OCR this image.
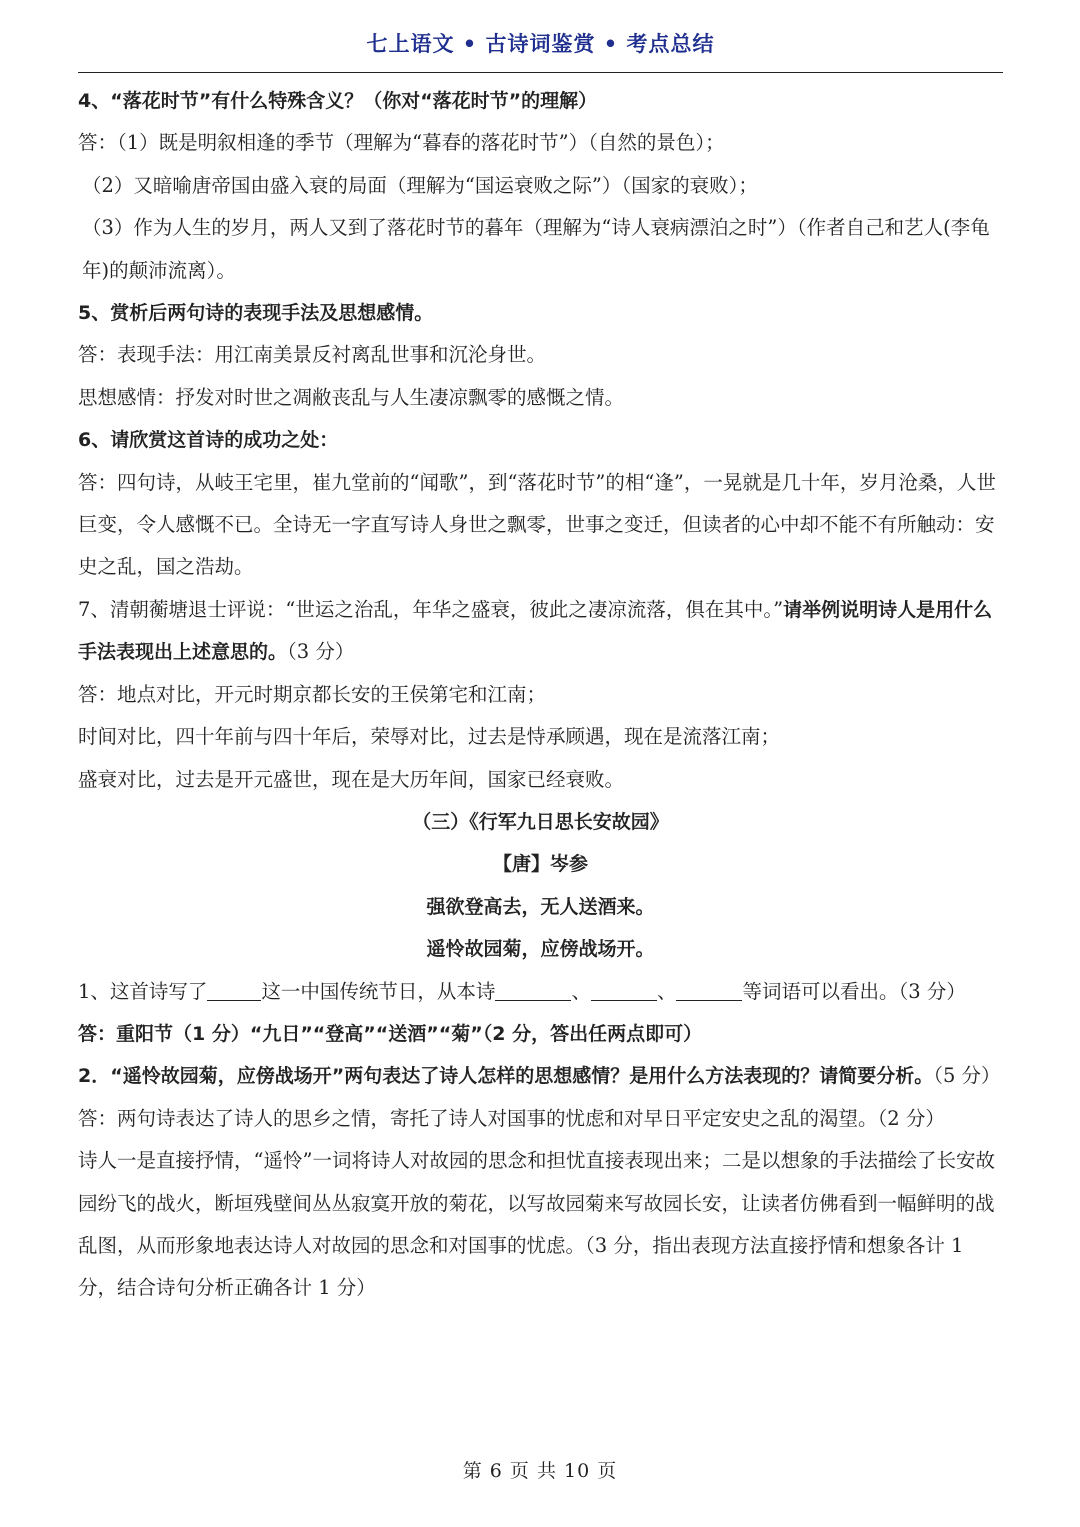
七上语文 • 古诗词鉴赏 • 考点总结

4、“落花时节”有什么特殊含义？（你对“落花时节”的理解）

答：（1）既是明叙相逢的季节（理解为“暮春的落花时节”）（自然的景色）；

（2）又暗喻唐帝国由盛入衰的局面（理解为“国运衰败之际”）（国家的衰败）；

（3）作为人生的岁月，两人又到了落花时节的暮年（理解为“诗人衰病漂泊之时”）（作者自己和艺人(李龟年)的颠沛流离）。

5、赏析后两句诗的表现手法及思想感情。

答：表现手法：用江南美景反衬离乱世事和沉沦身世。

思想感情：抒发对时世之凋敝丧乱与人生凄凉飘零的感慨之情。

6、请欣赏这首诗的成功之处：

答：四句诗，从岐王宅里，崔九堂前的“闻歌”，到“落花时节”的相“逢”，一晃就是几十年，岁月沧桑，人世巨变，令人感慨不已。全诗无一字直写诗人身世之飘零，世事之变迁，但读者的心中却不能不有所触动：安史之乱，国之浩劫。

7、清朝蘅塘退士评说：“世运之治乱，年华之盛衰，彼此之凄凉流落，俱在其中。”请举例说明诗人是用什么手法表现出上述意思的。（3 分）

答：地点对比，开元时期京都长安的王侯第宅和江南；

时间对比，四十年前与四十年后，荣辱对比，过去是恃承顾遇，现在是流落江南；

盛衰对比，过去是开元盛世，现在是大历年间，国家已经衰败。

（三）《行军九日思长安故园》

【唐】岑参

强欲登高去，无人送酒来。

遥怜故园菊，应傍战场开。

1、这首诗写了	这一中国传统节日，从本诗	、	、	等词语可以看出。（3 分）

答：重阳节（1 分）“九日”“登高”“送酒”“菊”（2 分，答出任两点即可）

2．“遥怜故园菊，应傍战场开”两句表达了诗人怎样的思想感情？是用什么方法表现的？请简要分析。（5 分）

答：两句诗表达了诗人的思乡之情，寄托了诗人对国事的忧虑和对早日平定安史之乱的渴望。（2 分）

诗人一是直接抒情，“遥怜”一词将诗人对故园的思念和担忧直接表现出来；二是以想象的手法描绘了长安故园纷飞的战火，断垣残壁间丛丛寂寞开放的菊花，以写故园菊来写故园长安，让读者仿佛看到一幅鲜明的战乱图，从而形象地表达诗人对故园的思念和对国事的忧虑。（3 分，指出表现方法直接抒情和想象各计 1 分，结合诗句分析正确各计 1 分）

第 6 页 共 10 页
